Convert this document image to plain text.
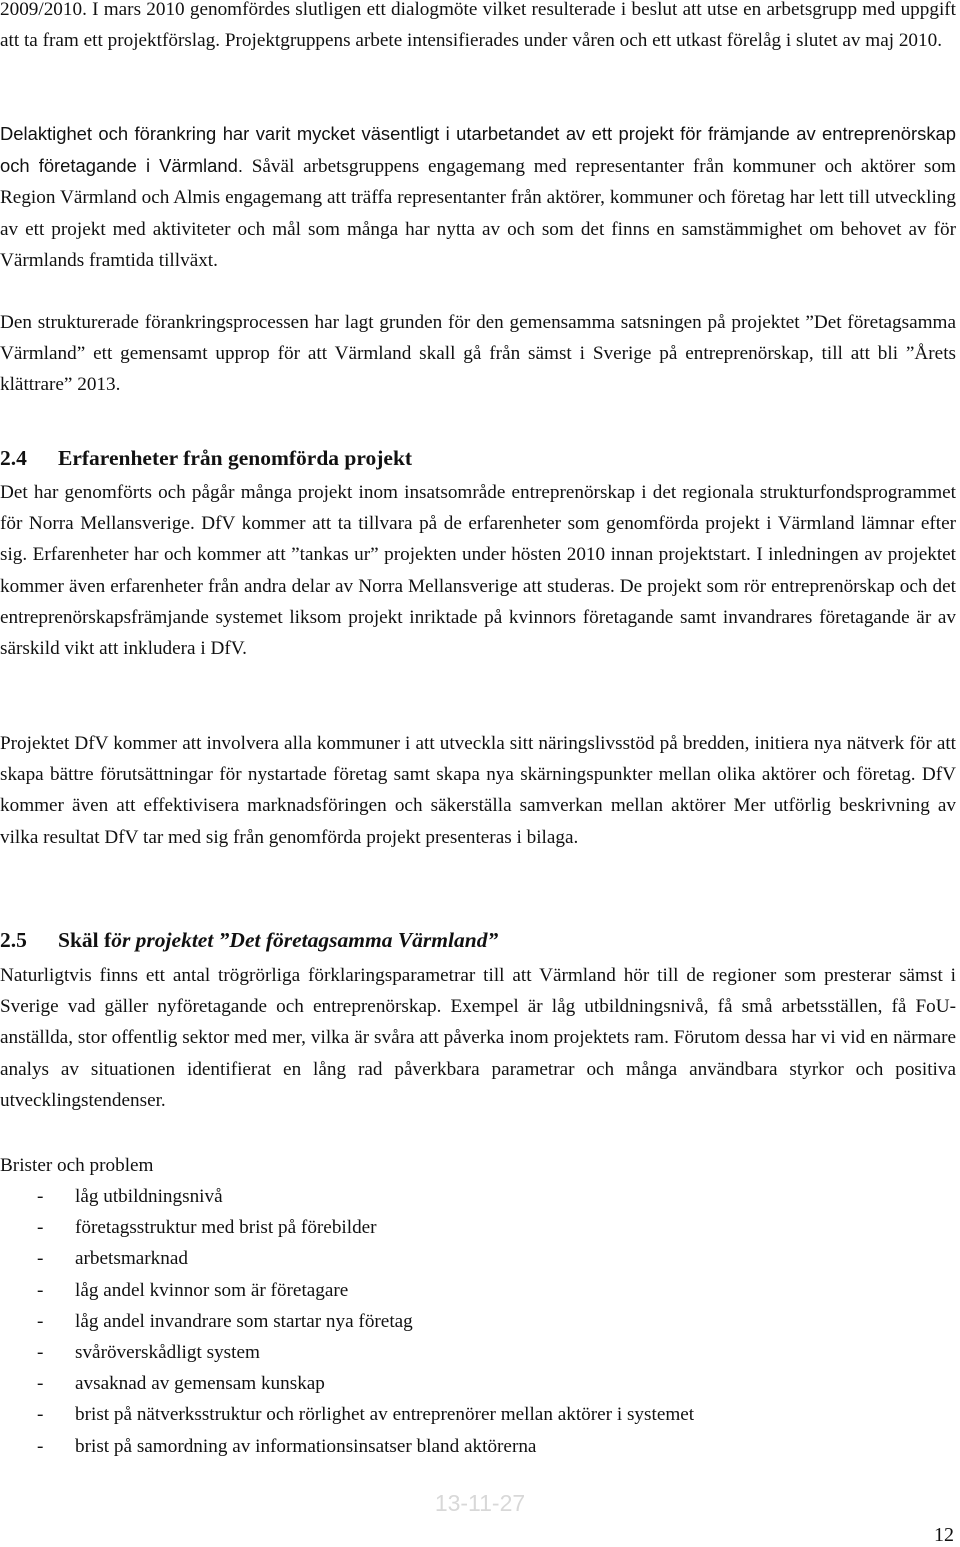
2009/2010. I mars 2010 genomfördes slutligen ett dialogmöte vilket resulterade i beslut att utse en arbetsgrupp med uppgift att ta fram ett projektförslag. Projektgruppens arbete intensifierades under våren och ett utkast förelåg i slutet av maj 2010.

Delaktighet och förankring har varit mycket väsentligt i utarbetandet av ett projekt för främjande av entreprenörskap och företagande i Värmland. Såväl arbetsgruppens engagemang med representanter från kommuner och aktörer som Region Värmland och Almis engagemang att träffa representanter från aktörer, kommuner och företag har lett till utveckling av ett projekt med aktiviteter och mål som många har nytta av och som det finns en samstämmighet om behovet av för Värmlands framtida tillväxt.

Den strukturerade förankringsprocessen har lagt grunden för den gemensamma satsningen på projektet ”Det företagsamma Värmland” ett gemensamt upprop för att Värmland skall gå från sämst i Sverige på entreprenörskap, till att bli ”Årets klättrare” 2013.

2.4 Erfarenheter från genomförda projekt

Det har genomförts och pågår många projekt inom insatsområde entreprenörskap i det regionala strukturfondsprogrammet för Norra Mellansverige. DfV kommer att ta tillvara på de erfarenheter som genomförda projekt i Värmland lämnar efter sig. Erfarenheter har och kommer att ”tankas ur” projekten under hösten 2010 innan projektstart. I inledningen av projektet kommer även erfarenheter från andra delar av Norra Mellansverige att studeras. De projekt som rör entreprenörskap och det entreprenörskapsfrämjande systemet liksom projekt inriktade på kvinnors företagande samt invandrares företagande är av särskild vikt att inkludera i DfV.

Projektet DfV kommer att involvera alla kommuner i att utveckla sitt näringslivsstöd på bredden, initiera nya nätverk för att skapa bättre förutsättningar för nystartade företag samt skapa nya skärningspunkter mellan olika aktörer och företag. DfV kommer även att effektivisera marknadsföringen och säkerställa samverkan mellan aktörer Mer utförlig beskrivning av vilka resultat DfV tar med sig från genomförda projekt presenteras i bilaga.

2.5 Skäl för projektet ”Det företagsamma Värmland”

Naturligtvis finns ett antal trögrörliga förklaringsparametrar till att Värmland hör till de regioner som presterar sämst i Sverige vad gäller nyföretagande och entreprenörskap. Exempel är låg utbildningsnivå, få små arbetsställen, få FoU-anställda, stor offentlig sektor med mer, vilka är svåra att påverka inom projektets ram. Förutom dessa har vi vid en närmare analys av situationen identifierat en lång rad påverkbara parametrar och många användbara styrkor och positiva utvecklingstendenser.

Brister och problem

- låg utbildningsnivå
- företagsstruktur med brist på förebilder
- arbetsmarknad
- låg andel kvinnor som är företagare
- låg andel invandrare som startar nya företag
- svåröverskådligt system
- avsaknad av gemensam kunskap
- brist på nätverksstruktur och rörlighet av entreprenörer mellan aktörer i systemet
- brist på samordning av informationsinsatser bland aktörerna
13-11-27
12
